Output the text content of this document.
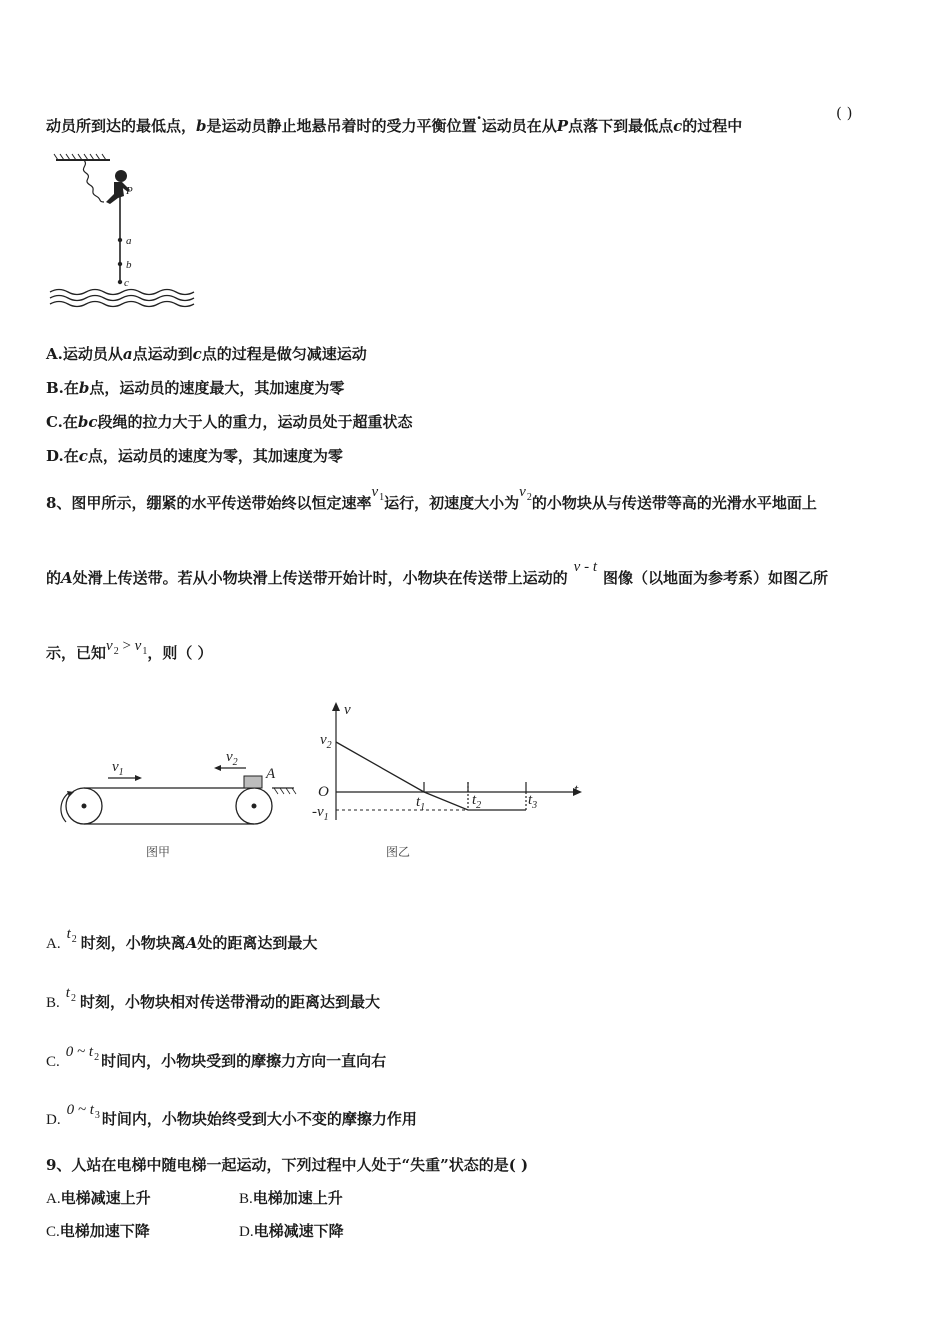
动员所到达的最低点，b是运动员静止地悬吊着时的受力平衡位置·运动员在从P点落下到最低点c的过程中
( )
P
a
b
c
A.运动员从a点运动到c点的过程是做匀减速运动
B.在b点，运动员的速度最大，其加速度为零
C.在bc段绳的拉力大于人的重力，运动员处于超重状态
D.在c点，运动员的速度为零，其加速度为零
8、图甲所示，绷紧的水平传送带始终以恒定速率$v_1$运行，初速度大小为$v_2$的小物块从与传送带等高的光滑水平地面上
的A处滑上传送带。若从小物块滑上传送带开始计时，小物块在传送带上运动的v - t图像（以地面为参考系）如图乙所
示，已知$v_2 > v_1$，则（ ）
A
$v_1$
$v_2$
图甲
v
t
O
$v_2$
$-v_1$
$t_1$	$t_2$	$t_3$
图乙
$A.t_2$ 时刻，小物块离A处的距离达到最大
$B.t_2$ 时刻，小物块相对传送带滑动的距离达到最大
C.0 ~ $t_2$ 时间内，小物块受到的摩擦力方向一直向右
D.0 ~ $t_3$ 时间内，小物块始终受到大小不变的摩擦力作用
9、人站在电梯中随电梯一起运动，下列过程中人处于“失重”状态的是( )
A.电梯减速上升	B.电梯加速上升
C.电梯加速下降	D.电梯减速下降
